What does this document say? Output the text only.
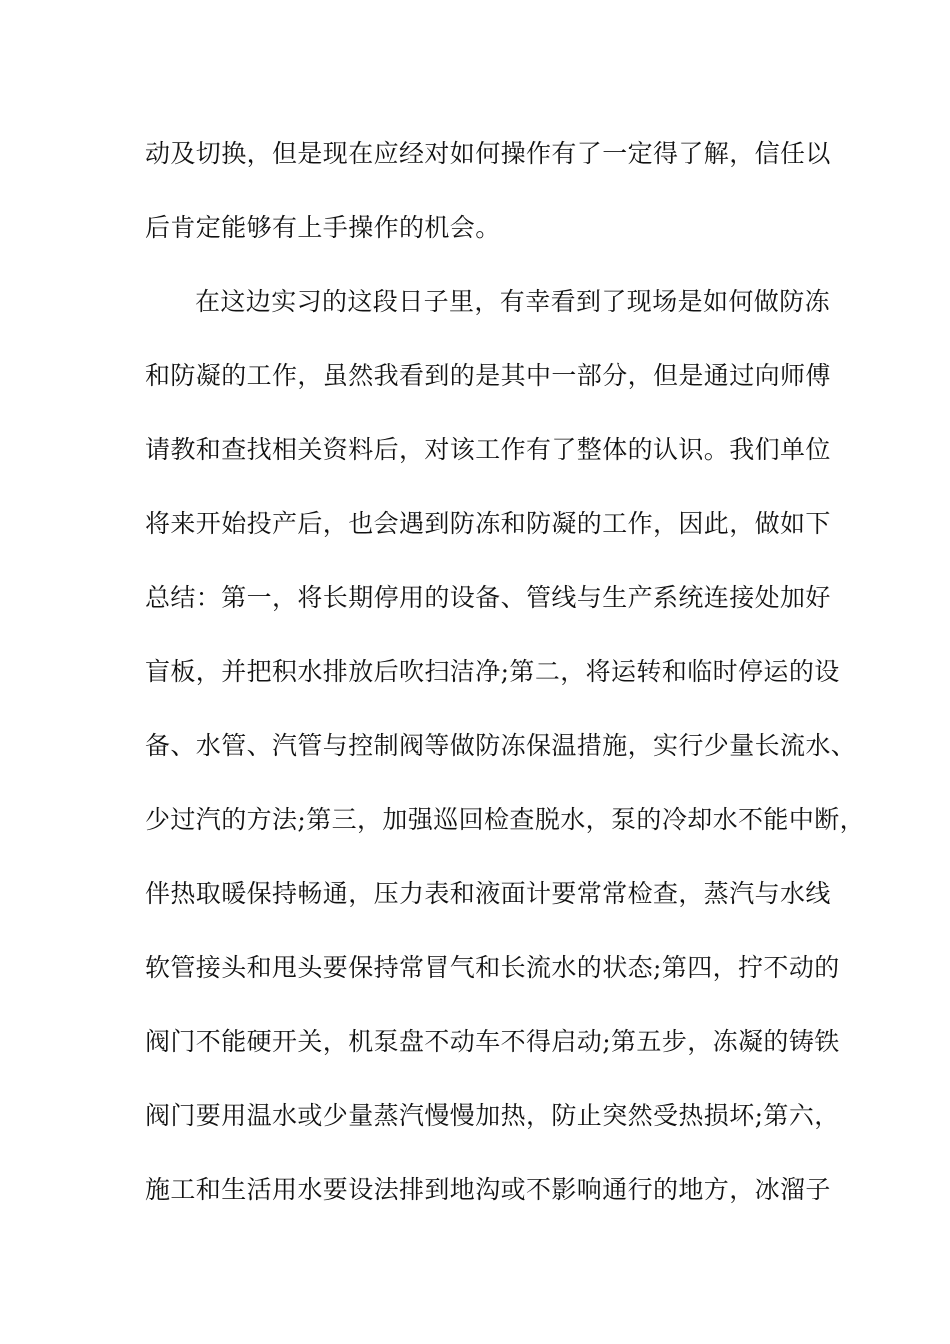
动及切换，但是现在应经对如何操作有了一定得了解，信任以
后肯定能够有上手操作的机会。
在这边实习的这段日子里，有幸看到了现场是如何做防冻
和防凝的工作，虽然我看到的是其中一部分，但是通过向师傅
请教和查找相关资料后，对该工作有了整体的认识。我们单位
将来开始投产后，也会遇到防冻和防凝的工作，因此，做如下
总结：第一，将长期停用的设备、管线与生产系统连接处加好
盲板，并把积水排放后吹扫洁净;第二，将运转和临时停运的设
备、水管、汽管与控制阀等做防冻保温措施，实行少量长流水、
少过汽的方法;第三，加强巡回检查脱水，泵的冷却水不能中断，
伴热取暖保持畅通，压力表和液面计要常常检查，蒸汽与水线
软管接头和甩头要保持常冒气和长流水的状态;第四，拧不动的
阀门不能硬开关，机泵盘不动车不得启动;第五步，冻凝的铸铁
阀门要用温水或少量蒸汽慢慢加热，防止突然受热损坏;第六，
施工和生活用水要设法排到地沟或不影响通行的地方，冰溜子
